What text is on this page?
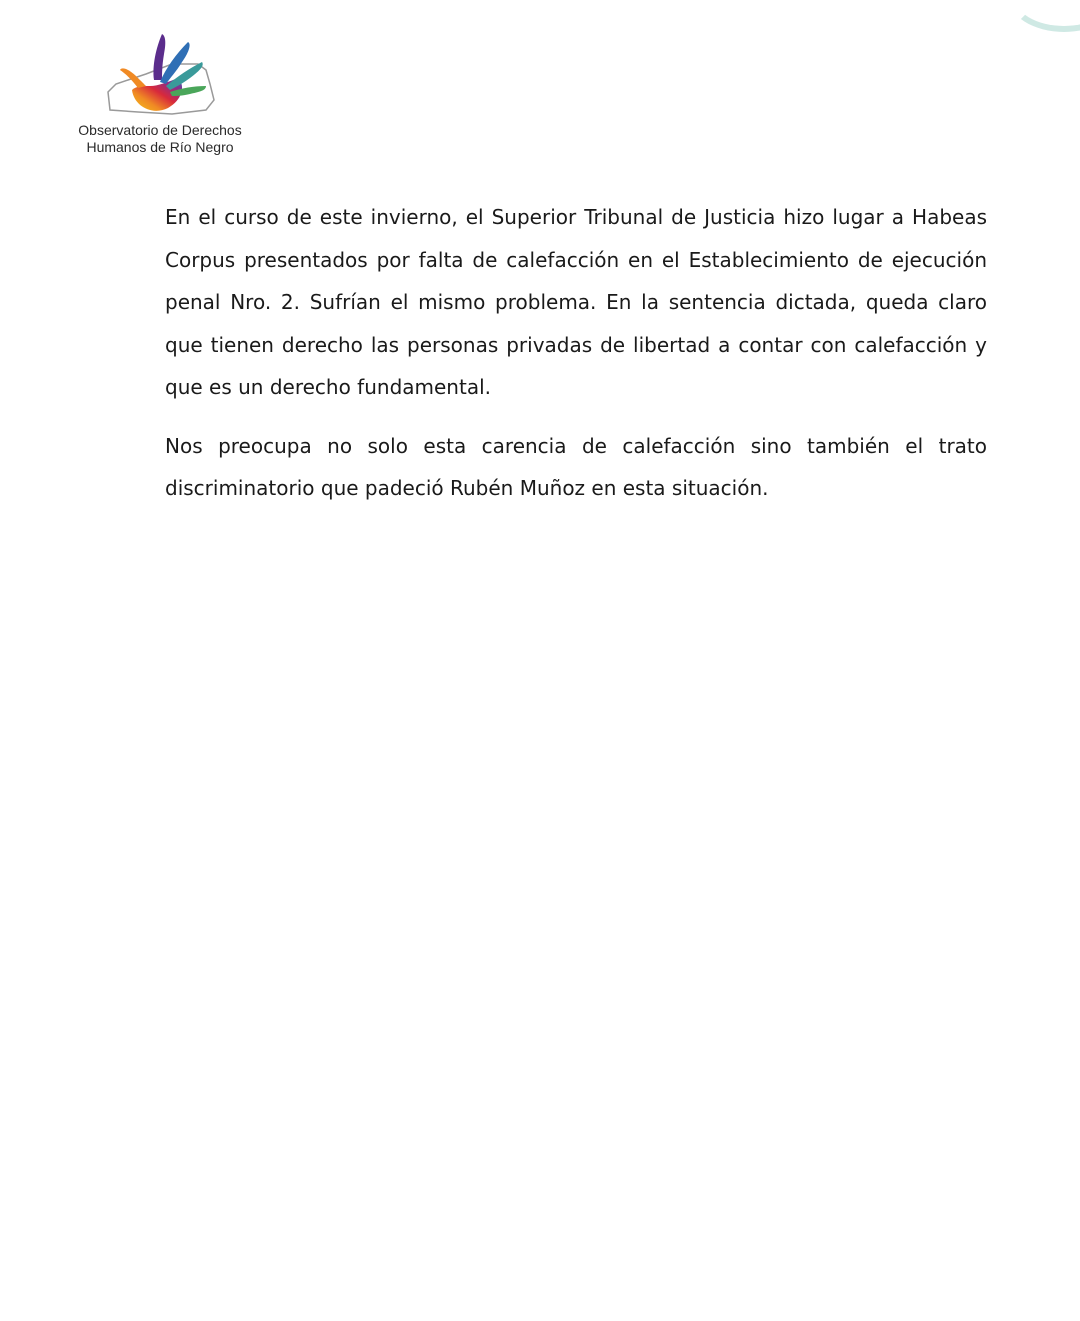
Observatorio de Derechos
Humanos de Río Negro

En el curso de este invierno, el Superior Tribunal de Justicia hizo lugar a Habeas Corpus presentados por falta de calefacción en el Establecimiento de ejecución penal Nro. 2. Sufrían el mismo problema. En la sentencia dictada, queda claro que tienen derecho las personas privadas de libertad a contar con calefacción y que es un derecho fundamental.

Nos preocupa no solo esta carencia de calefacción sino también el trato discriminatorio que padeció Rubén Muñoz en esta situación.
